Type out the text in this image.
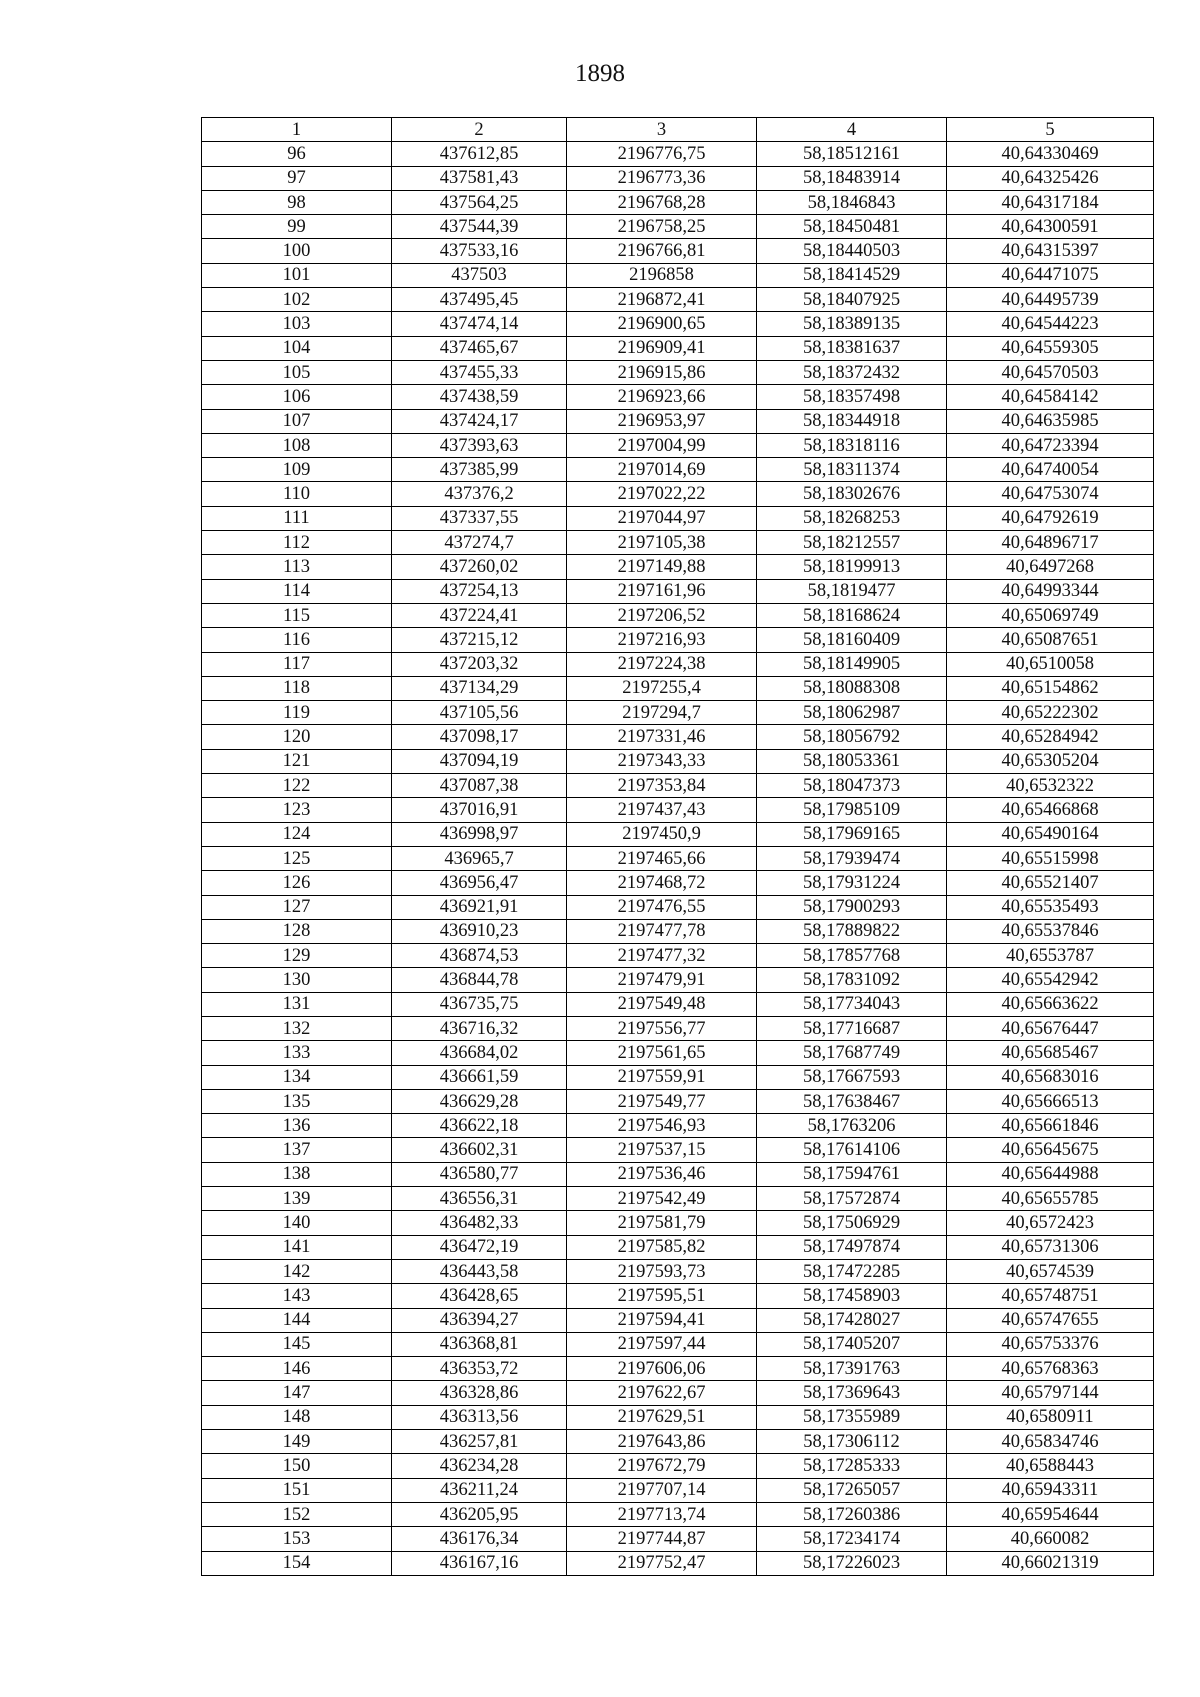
1898
1	2	3	4	5
96	437612,85	2196776,75	58,18512161	40,64330469
97	437581,43	2196773,36	58,18483914	40,64325426
98	437564,25	2196768,28	58,1846843	40,64317184
99	437544,39	2196758,25	58,18450481	40,64300591
100	437533,16	2196766,81	58,18440503	40,64315397
101	437503	2196858	58,18414529	40,64471075
102	437495,45	2196872,41	58,18407925	40,64495739
103	437474,14	2196900,65	58,18389135	40,64544223
104	437465,67	2196909,41	58,18381637	40,64559305
105	437455,33	2196915,86	58,18372432	40,64570503
106	437438,59	2196923,66	58,18357498	40,64584142
107	437424,17	2196953,97	58,18344918	40,64635985
108	437393,63	2197004,99	58,18318116	40,64723394
109	437385,99	2197014,69	58,18311374	40,64740054
110	437376,2	2197022,22	58,18302676	40,64753074
111	437337,55	2197044,97	58,18268253	40,64792619
112	437274,7	2197105,38	58,18212557	40,64896717
113	437260,02	2197149,88	58,18199913	40,6497268
114	437254,13	2197161,96	58,1819477	40,64993344
115	437224,41	2197206,52	58,18168624	40,65069749
116	437215,12	2197216,93	58,18160409	40,65087651
117	437203,32	2197224,38	58,18149905	40,6510058
118	437134,29	2197255,4	58,18088308	40,65154862
119	437105,56	2197294,7	58,18062987	40,65222302
120	437098,17	2197331,46	58,18056792	40,65284942
121	437094,19	2197343,33	58,18053361	40,65305204
122	437087,38	2197353,84	58,18047373	40,6532322
123	437016,91	2197437,43	58,17985109	40,65466868
124	436998,97	2197450,9	58,17969165	40,65490164
125	436965,7	2197465,66	58,17939474	40,65515998
126	436956,47	2197468,72	58,17931224	40,65521407
127	436921,91	2197476,55	58,17900293	40,65535493
128	436910,23	2197477,78	58,17889822	40,65537846
129	436874,53	2197477,32	58,17857768	40,6553787
130	436844,78	2197479,91	58,17831092	40,65542942
131	436735,75	2197549,48	58,17734043	40,65663622
132	436716,32	2197556,77	58,17716687	40,65676447
133	436684,02	2197561,65	58,17687749	40,65685467
134	436661,59	2197559,91	58,17667593	40,65683016
135	436629,28	2197549,77	58,17638467	40,65666513
136	436622,18	2197546,93	58,1763206	40,65661846
137	436602,31	2197537,15	58,17614106	40,65645675
138	436580,77	2197536,46	58,17594761	40,65644988
139	436556,31	2197542,49	58,17572874	40,65655785
140	436482,33	2197581,79	58,17506929	40,6572423
141	436472,19	2197585,82	58,17497874	40,65731306
142	436443,58	2197593,73	58,17472285	40,6574539
143	436428,65	2197595,51	58,17458903	40,65748751
144	436394,27	2197594,41	58,17428027	40,65747655
145	436368,81	2197597,44	58,17405207	40,65753376
146	436353,72	2197606,06	58,17391763	40,65768363
147	436328,86	2197622,67	58,17369643	40,65797144
148	436313,56	2197629,51	58,17355989	40,6580911
149	436257,81	2197643,86	58,17306112	40,65834746
150	436234,28	2197672,79	58,17285333	40,6588443
151	436211,24	2197707,14	58,17265057	40,65943311
152	436205,95	2197713,74	58,17260386	40,65954644
153	436176,34	2197744,87	58,17234174	40,660082
154	436167,16	2197752,47	58,17226023	40,66021319
